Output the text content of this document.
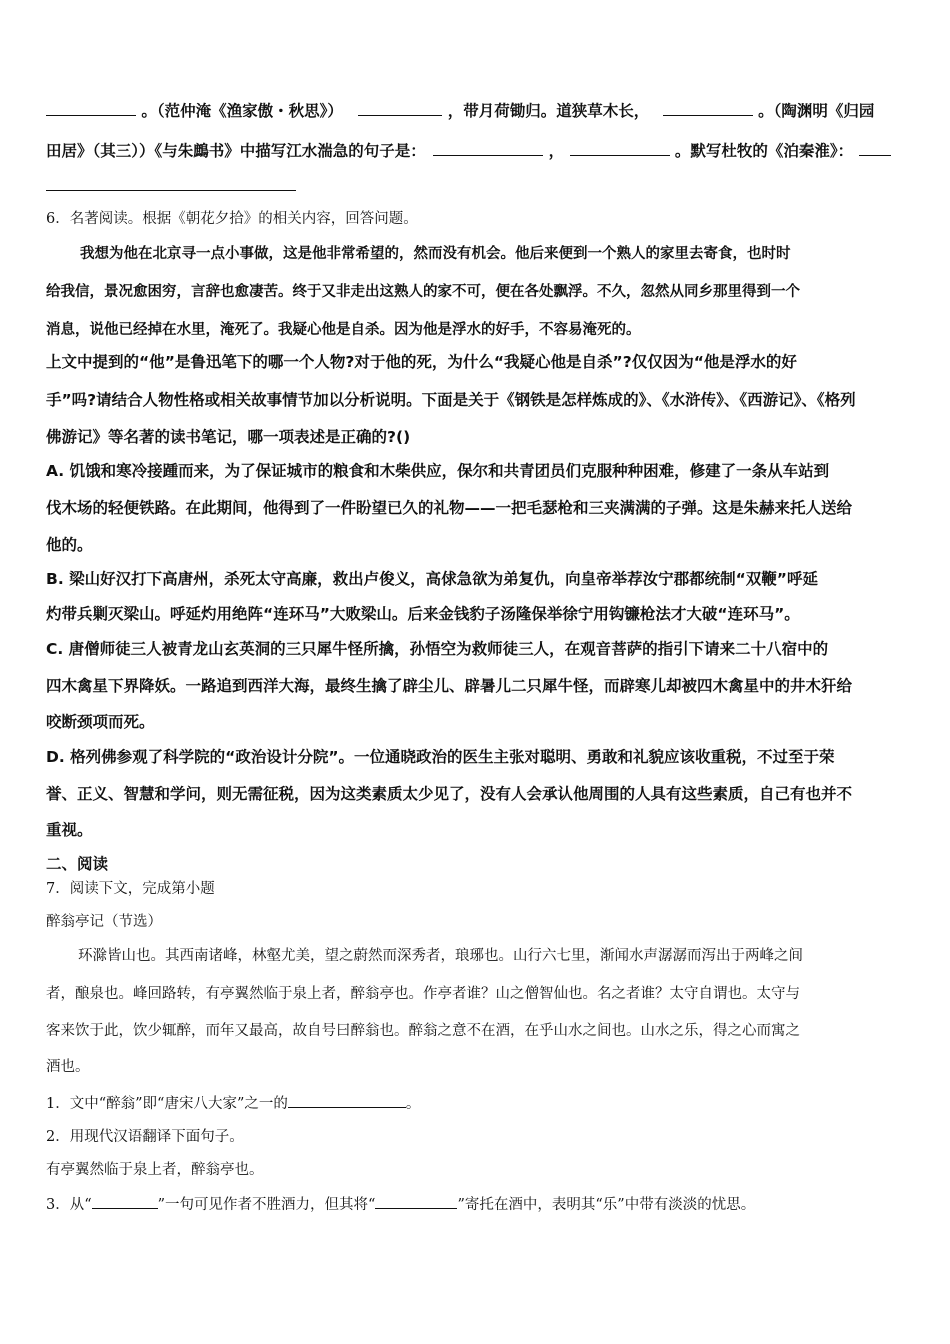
。（范仲淹《渔家傲・秋思》）	，带月荷锄归。道狭草木长，	。（陶渊明《归园
田居》（其三））《与朱鷓书》中描写江水湍急的句子是：	，	。默写杜牧的《泊秦淮》：
6．名著阅读。根据《朝花夕拾》的相关内容，回答问题。
我想为他在北京寻一点小事做，这是他非常希望的，然而没有机会。他后来便到一个熟人的家里去寄食，也时时
给我信，景况愈困穷，言辞也愈凄苦。终于又非走出这熟人的家不可，便在各处飘浮。不久，忽然从同乡那里得到一个
消息，说他已经掉在水里，淹死了。我疑心他是自杀。因为他是浮水的好手，不容易淹死的。
上文中提到的“他”是鲁迅笔下的哪一个人物?对于他的死，为什么“我疑心他是自杀”?仅仅因为“他是浮水的好
手”吗?请结合人物性格或相关故事情节加以分析说明。下面是关于《钢铁是怎样炼成的》、《水浒传》、《西游记》、《格列
佛游记》等名著的读书笔记，哪一项表述是正确的?()
A. 饥饿和寒冷接踵而来，为了保证城市的粮食和木柴供应，保尔和共青团员们克服种种困难，修建了一条从车站到
伐木场的轻便铁路。在此期间，他得到了一件盼望已久的礼物——一把毛瑟枪和三夹满满的子弹。这是朱赫来托人送给
他的。
B. 梁山好汉打下高唐州，杀死太守高廉，救出卢俊义，高俅急欲为弟复仇，向皇帝举荐汝宁郡都统制“双鞭”呼延
灼带兵剿灭梁山。呼延灼用绝阵“连环马”大败梁山。后来金钱豹子汤隆保举徐宁用钩镰枪法才大破“连环马”。
C. 唐僧师徒三人被青龙山玄英洞的三只犀牛怪所擒，孙悟空为救师徒三人，在观音菩萨的指引下请来二十八宿中的
四木禽星下界降妖。一路追到西洋大海，最终生擒了辟尘儿、辟暑儿二只犀牛怪，而辟寒儿却被四木禽星中的井木犴给
咬断颈项而死。
D. 格列佛参观了科学院的“政治设计分院”。一位通晓政治的医生主张对聪明、勇敢和礼貌应该收重税，不过至于荣
誉、正义、智慧和学问，则无需征税，因为这类素质太少见了，没有人会承认他周围的人具有这些素质，自己有也并不
重视。
二、阅读
7．阅读下文，完成第小题
醉翁亭记（节选）
环滁皆山也。其西南诸峰，林壑尤美，望之蔚然而深秀者，琅琊也。山行六七里，渐闻水声潺潺而泻出于两峰之间
者，酿泉也。峰回路转，有亭翼然临于泉上者，醉翁亭也。作亭者谁？山之僧智仙也。名之者谁？太守自谓也。太守与
客来饮于此，饮少辄醉，而年又最高，故自号曰醉翁也。醉翁之意不在酒，在乎山水之间也。山水之乐，得之心而寓之
酒也。
1．文中“醉翁”即“唐宋八大家”之一的	。
2．用现代汉语翻译下面句子。
有亭翼然临于泉上者，醉翁亭也。
3．从“	”一句可见作者不胜酒力，但其将“	”寄托在酒中，表明其“乐”中带有淡淡的忧思。
